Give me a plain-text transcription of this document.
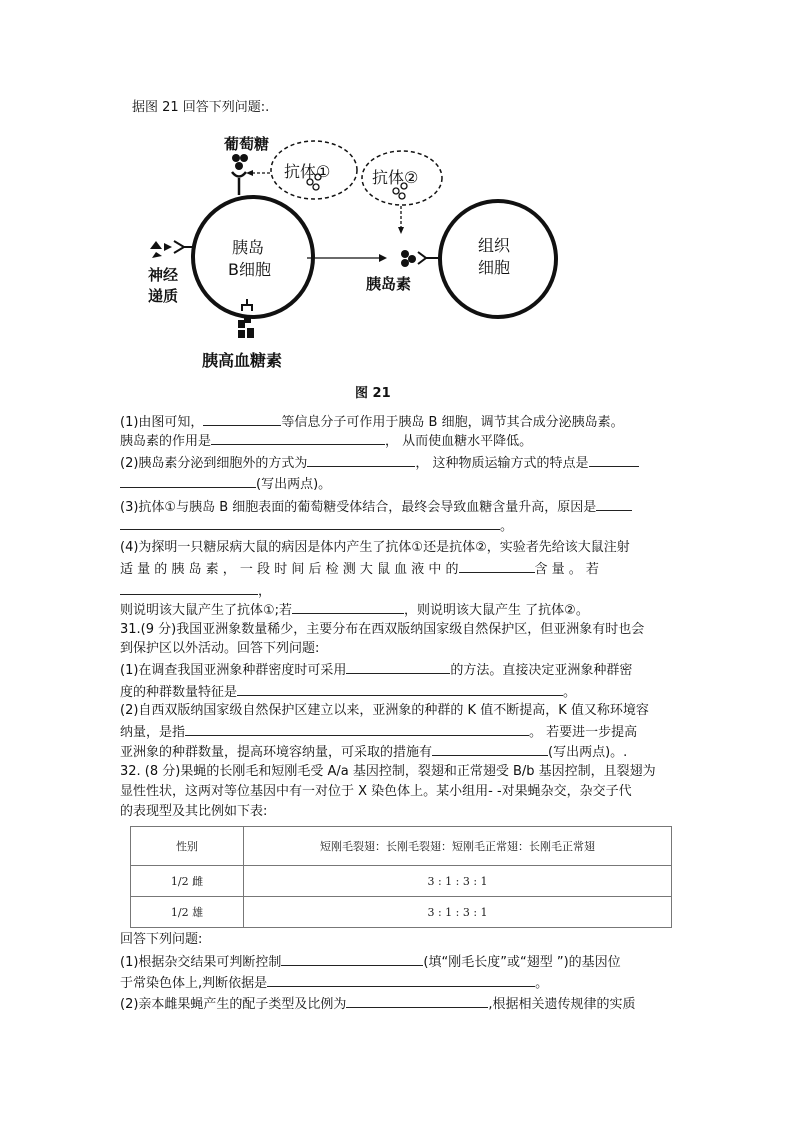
据图 21 回答下列问题:.
葡萄糖
抗体①	抗体②
胰岛
B细胞
组织
细胞
神经
递质
胰岛素
胰高血糖素
图 21
(1)由图可知，	等信息分子可作用于胰岛 B 细胞，调节其合成分泌胰岛素。
胰岛素的作用是	， 从而使血糖水平降低。
(2)胰岛素分泌到细胞外的方式为	， 这种物质运输方式的特点是
(写出两点)。
(3)抗体①与胰岛 B 细胞表面的葡萄糖受体结合，最终会导致血糖含量升高，原因是
。
(4)为探明一只糖尿病大鼠的病因是体内产生了抗体①还是抗体②，实验者先给该大鼠注射
适 量 的 胰 岛 素 ， 一 段 时 间 后 检 测 大 鼠 血 液 中 的	含 量 。 若
，
则说明该大鼠产生了抗体①;若	，则说明该大鼠产生 了抗体②。
31.(9 分)我国亚洲象数量稀少，主要分布在西双版纳国家级自然保护区，但亚洲象有时也会
到保护区以外活动。回答下列问题:
(1)在调查我国亚洲象种群密度时可采用	的方法。直接决定亚洲象种群密
度的种群数量特征是	。
(2)自西双版纳国家级自然保护区建立以来，亚洲象的种群的 K 值不断提高，K 值又称环境容
纳量，是指	。 若要进一步提高
亚洲象的种群数量，提高环境容纳量，可采取的措施有	(写出两点)。.
32. (8 分)果蝇的长刚毛和短刚毛受 A/a 基因控制，裂翅和正常翅受 B/b 基因控制，且裂翅为
显性性状，这两对等位基因中有一对位于 X 染色体上。某小组用- -对果蝇杂交，杂交子代
的表现型及其比例如下表:
性别	短刚毛裂翅：长刚毛裂翅：短刚毛正常翅：长刚毛正常翅
1/2 雌	3 : 1 : 3 : 1
1/2 雄	3 : 1 : 3 : 1
回答下列问题:
(1)根据杂交结果可判断控制	(填“刚毛长度”或“翅型 ”)的基因位
于常染色体上,判断依据是	。
(2)亲本雌果蝇产生的配子类型及比例为	,根据相关遗传规律的实质
